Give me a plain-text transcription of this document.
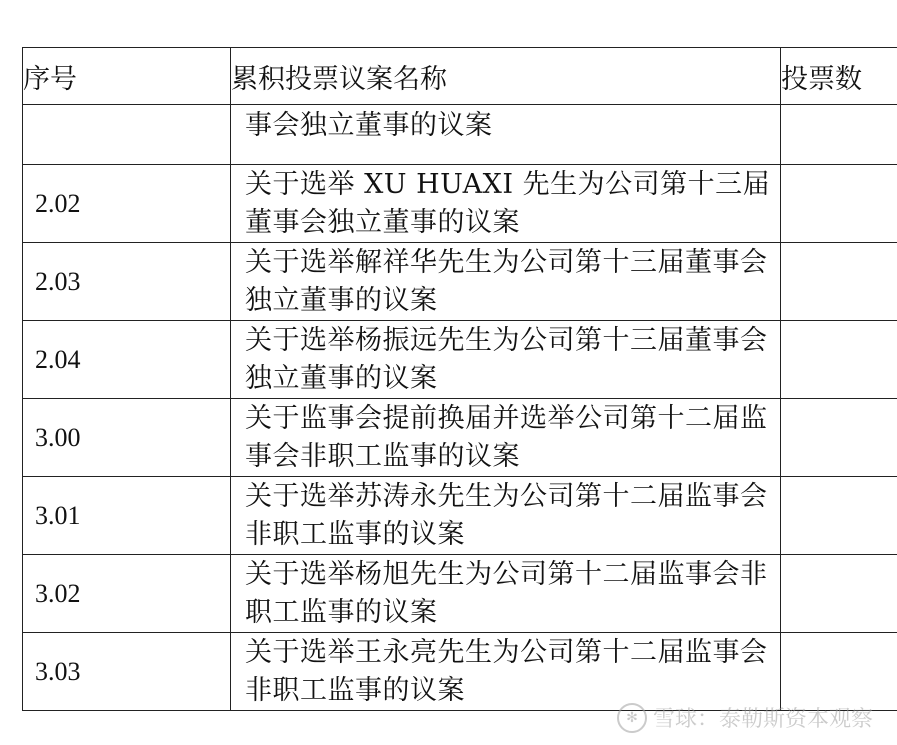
序号	累积投票议案名称	投票数
	事会独立董事的议案	
2.02	关于选举 XU HUAXI 先生为公司第十三届董事会独立董事的议案	
2.03	关于选举解祥华先生为公司第十三届董事会独立董事的议案	
2.04	关于选举杨振远先生为公司第十三届董事会独立董事的议案	
3.00	关于监事会提前换届并选举公司第十二届监事会非职工监事的议案	
3.01	关于选举苏涛永先生为公司第十二届监事会非职工监事的议案	
3.02	关于选举杨旭先生为公司第十二届监事会非职工监事的议案	
3.03	关于选举王永亮先生为公司第十二届监事会非职工监事的议案	
✻ 雪球：泰勒斯资本观察
